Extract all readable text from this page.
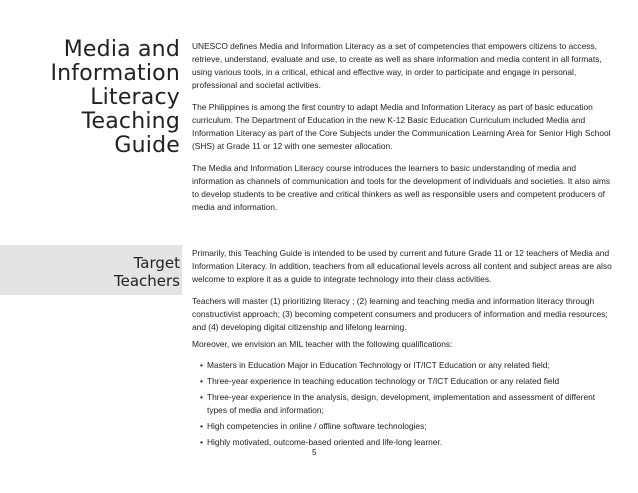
Media and
Information
Literacy
Teaching
Guide

UNESCO defines Media and Information Literacy as a set of competencies that empowers citizens to access, retrieve, understand, evaluate and use, to create as well as share information and media content in all formats, using various tools, in a critical, ethical and effective way, in order to participate and engage in personal, professional and societal activities.

The Philippines is among the first country to adapt Media and Information Literacy as part of basic education curriculum. The Department of Education in the new K-12 Basic Education Curriculum included Media and Information Literacy as part of the Core Subjects under the Communication Learning Area for Senior High School (SHS) at Grade 11 or 12 with one semester allocation.

The Media and Information Literacy course introduces the learners to basic understanding of media and information as channels of communication and tools for the development of individuals and societies. It also aims to develop students to be creative and critical thinkers as well as responsible users and competent producers of media and information.

Target
Teachers

Primarily, this Teaching Guide is intended to be used by current and future Grade 11 or 12 teachers of Media and Information Literacy. In addition, teachers from all educational levels across all content and subject areas are also welcome to explore it as a guide to integrate technology into their class activities.

Teachers will master (1) prioritizing literacy ; (2) learning and teaching media and information literacy through constructivist approach; (3) becoming competent consumers and producers of information and media resources; and (4) developing digital citizenship and lifelong learning.

Moreover, we envision an MIL teacher with the following qualifications:

• Masters in Education Major in Education Technology or IT/ICT Education or any related field;
• Three-year experience in teaching education technology or T/ICT Education or any related field
• Three-year experience in the analysis, design, development, implementation and assessment of different types of media and information;
• High competencies in online / offline software technologies;
• Highly motivated, outcome-based oriented and life-long learner.
5
